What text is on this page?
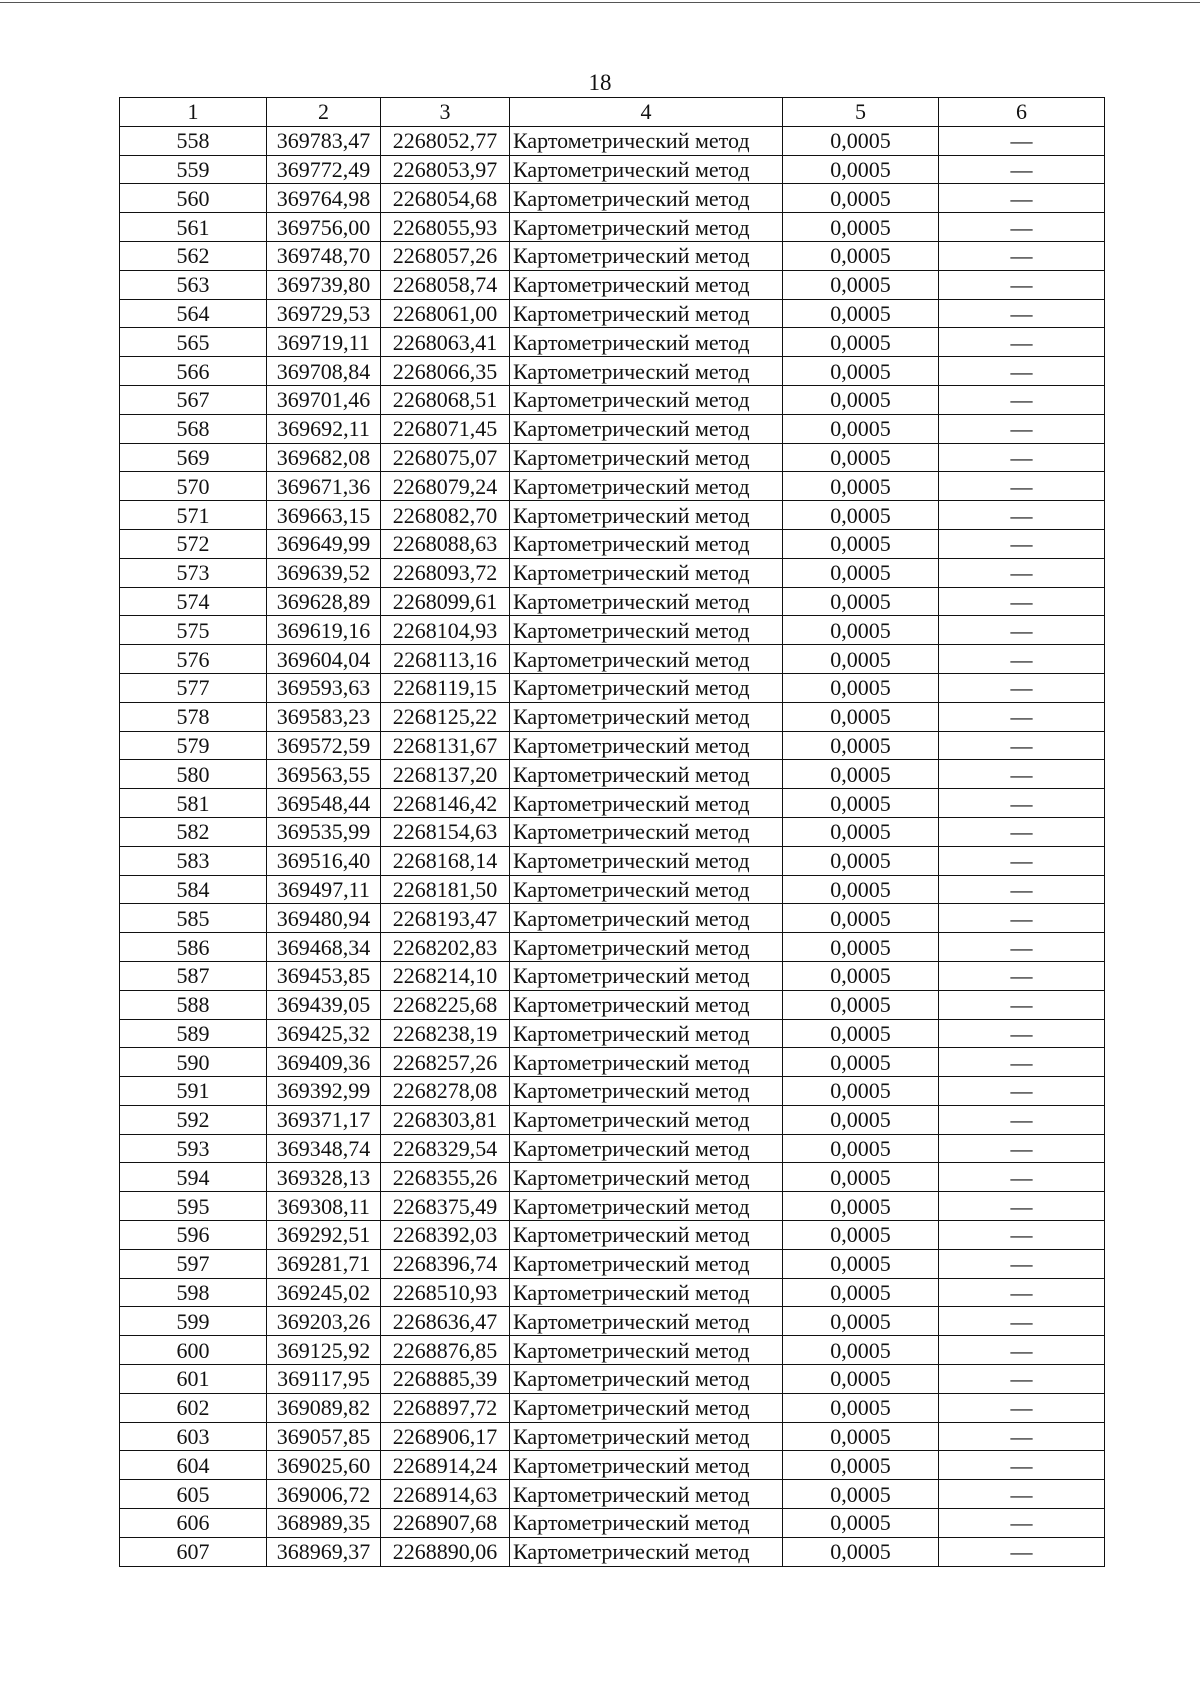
18
1	2	3	4	5	6
558	369783,47	2268052,77	Картометрический метод	0,0005	—
559	369772,49	2268053,97	Картометрический метод	0,0005	—
560	369764,98	2268054,68	Картометрический метод	0,0005	—
561	369756,00	2268055,93	Картометрический метод	0,0005	—
562	369748,70	2268057,26	Картометрический метод	0,0005	—
563	369739,80	2268058,74	Картометрический метод	0,0005	—
564	369729,53	2268061,00	Картометрический метод	0,0005	—
565	369719,11	2268063,41	Картометрический метод	0,0005	—
566	369708,84	2268066,35	Картометрический метод	0,0005	—
567	369701,46	2268068,51	Картометрический метод	0,0005	—
568	369692,11	2268071,45	Картометрический метод	0,0005	—
569	369682,08	2268075,07	Картометрический метод	0,0005	—
570	369671,36	2268079,24	Картометрический метод	0,0005	—
571	369663,15	2268082,70	Картометрический метод	0,0005	—
572	369649,99	2268088,63	Картометрический метод	0,0005	—
573	369639,52	2268093,72	Картометрический метод	0,0005	—
574	369628,89	2268099,61	Картометрический метод	0,0005	—
575	369619,16	2268104,93	Картометрический метод	0,0005	—
576	369604,04	2268113,16	Картометрический метод	0,0005	—
577	369593,63	2268119,15	Картометрический метод	0,0005	—
578	369583,23	2268125,22	Картометрический метод	0,0005	—
579	369572,59	2268131,67	Картометрический метод	0,0005	—
580	369563,55	2268137,20	Картометрический метод	0,0005	—
581	369548,44	2268146,42	Картометрический метод	0,0005	—
582	369535,99	2268154,63	Картометрический метод	0,0005	—
583	369516,40	2268168,14	Картометрический метод	0,0005	—
584	369497,11	2268181,50	Картометрический метод	0,0005	—
585	369480,94	2268193,47	Картометрический метод	0,0005	—
586	369468,34	2268202,83	Картометрический метод	0,0005	—
587	369453,85	2268214,10	Картометрический метод	0,0005	—
588	369439,05	2268225,68	Картометрический метод	0,0005	—
589	369425,32	2268238,19	Картометрический метод	0,0005	—
590	369409,36	2268257,26	Картометрический метод	0,0005	—
591	369392,99	2268278,08	Картометрический метод	0,0005	—
592	369371,17	2268303,81	Картометрический метод	0,0005	—
593	369348,74	2268329,54	Картометрический метод	0,0005	—
594	369328,13	2268355,26	Картометрический метод	0,0005	—
595	369308,11	2268375,49	Картометрический метод	0,0005	—
596	369292,51	2268392,03	Картометрический метод	0,0005	—
597	369281,71	2268396,74	Картометрический метод	0,0005	—
598	369245,02	2268510,93	Картометрический метод	0,0005	—
599	369203,26	2268636,47	Картометрический метод	0,0005	—
600	369125,92	2268876,85	Картометрический метод	0,0005	—
601	369117,95	2268885,39	Картометрический метод	0,0005	—
602	369089,82	2268897,72	Картометрический метод	0,0005	—
603	369057,85	2268906,17	Картометрический метод	0,0005	—
604	369025,60	2268914,24	Картометрический метод	0,0005	—
605	369006,72	2268914,63	Картометрический метод	0,0005	—
606	368989,35	2268907,68	Картометрический метод	0,0005	—
607	368969,37	2268890,06	Картометрический метод	0,0005	—
